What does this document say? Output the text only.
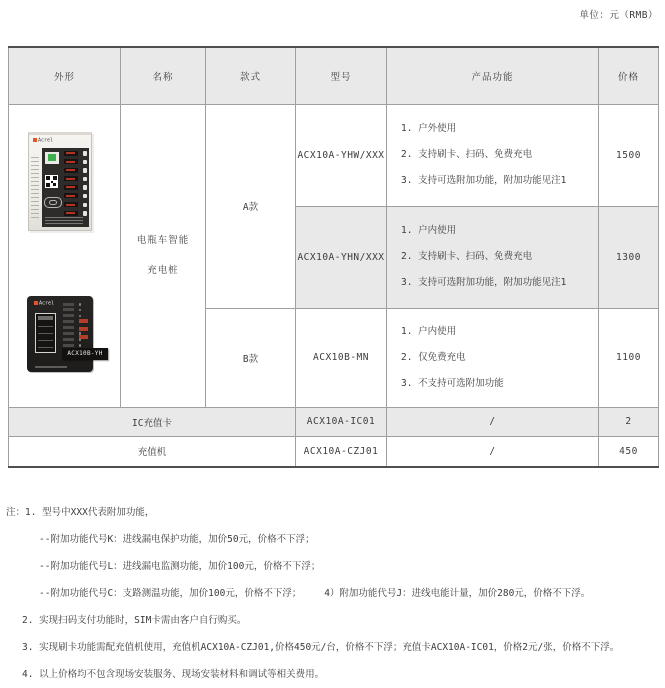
单位：元（RMB）
外形	名称	款式	型号	产品功能	价格

Acrel
Acrel
ACX10B-YH

电瓶车智能
充电桩
	A款	ACX10A-YHW/XXX	
1. 户外使用
2. 支持刷卡、扫码、免费充电
3. 支持可选附加功能，附加功能见注1
	1500
			ACX10A-YHN/XXX	1. 户内使用
2. 支持刷卡、扫码、免费充电
3. 支持可选附加功能，附加功能见注1	1300
		B款	ACX10B-MN	1. 户内使用
2. 仅免费充电
3. 不支持可选附加功能	1100
IC充值卡			ACX10A-IC01	/	2
充值机			ACX10A-CZJ01	/	450
注：1. 型号中XXX代表附加功能，
--附加功能代号K：进线漏电保护功能，加价50元，价格不下浮；
--附加功能代号L：进线漏电监测功能，加价100元，价格不下浮；
--附加功能代号C：支路测温功能，加价100元，价格不下浮；    4）附加功能代号J：进线电能计量，加价280元，价格不下浮。
2. 实现扫码支付功能时，SIM卡需由客户自行购买。
3. 实现刷卡功能需配充值机使用，充值机ACX10A-CZJ01,价格450元/台，价格不下浮；充值卡ACX10A-IC01，价格2元/张，价格不下浮。
4. 以上价格均不包含现场安装服务、现场安装材料和调试等相关费用。
